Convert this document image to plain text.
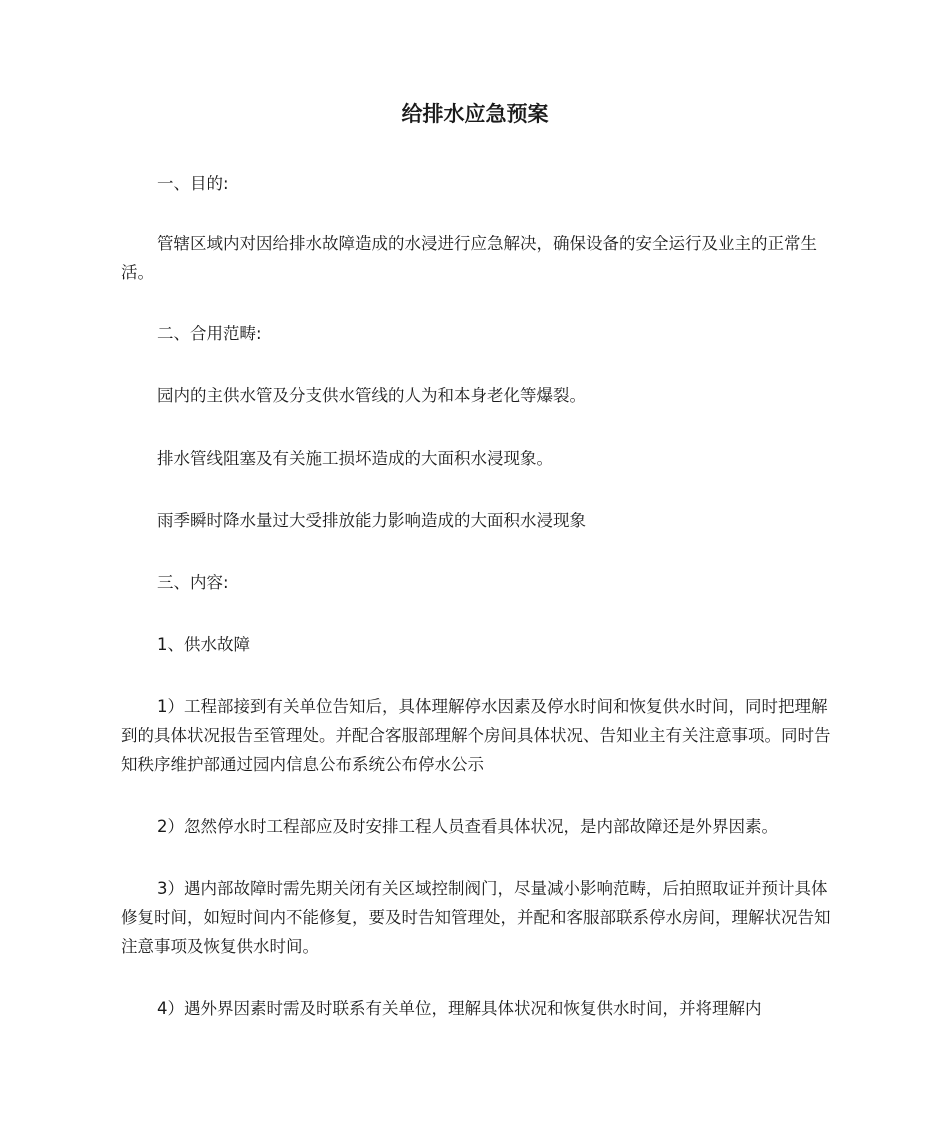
给排水应急预案

一、目的:

管辖区域内对因给排水故障造成的水浸进行应急解决，确保设备的安全运行及业主的正常生活。

二、合用范畴:

园内的主供水管及分支供水管线的人为和本身老化等爆裂。

排水管线阻塞及有关施工损坏造成的大面积水浸现象。

雨季瞬时降水量过大受排放能力影响造成的大面积水浸现象

三、内容:

1、供水故障

1）工程部接到有关单位告知后，具体理解停水因素及停水时间和恢复供水时间，同时把理解到的具体状况报告至管理处。并配合客服部理解个房间具体状况、告知业主有关注意事项。同时告知秩序维护部通过园内信息公布系统公布停水公示

2）忽然停水时工程部应及时安排工程人员查看具体状况，是内部故障还是外界因素。

3）遇内部故障时需先期关闭有关区域控制阀门，尽量减小影响范畴，后拍照取证并预计具体修复时间，如短时间内不能修复，要及时告知管理处，并配和客服部联系停水房间，理解状况告知注意事项及恢复供水时间。

4）遇外界因素时需及时联系有关单位，理解具体状况和恢复供水时间，并将理解内
